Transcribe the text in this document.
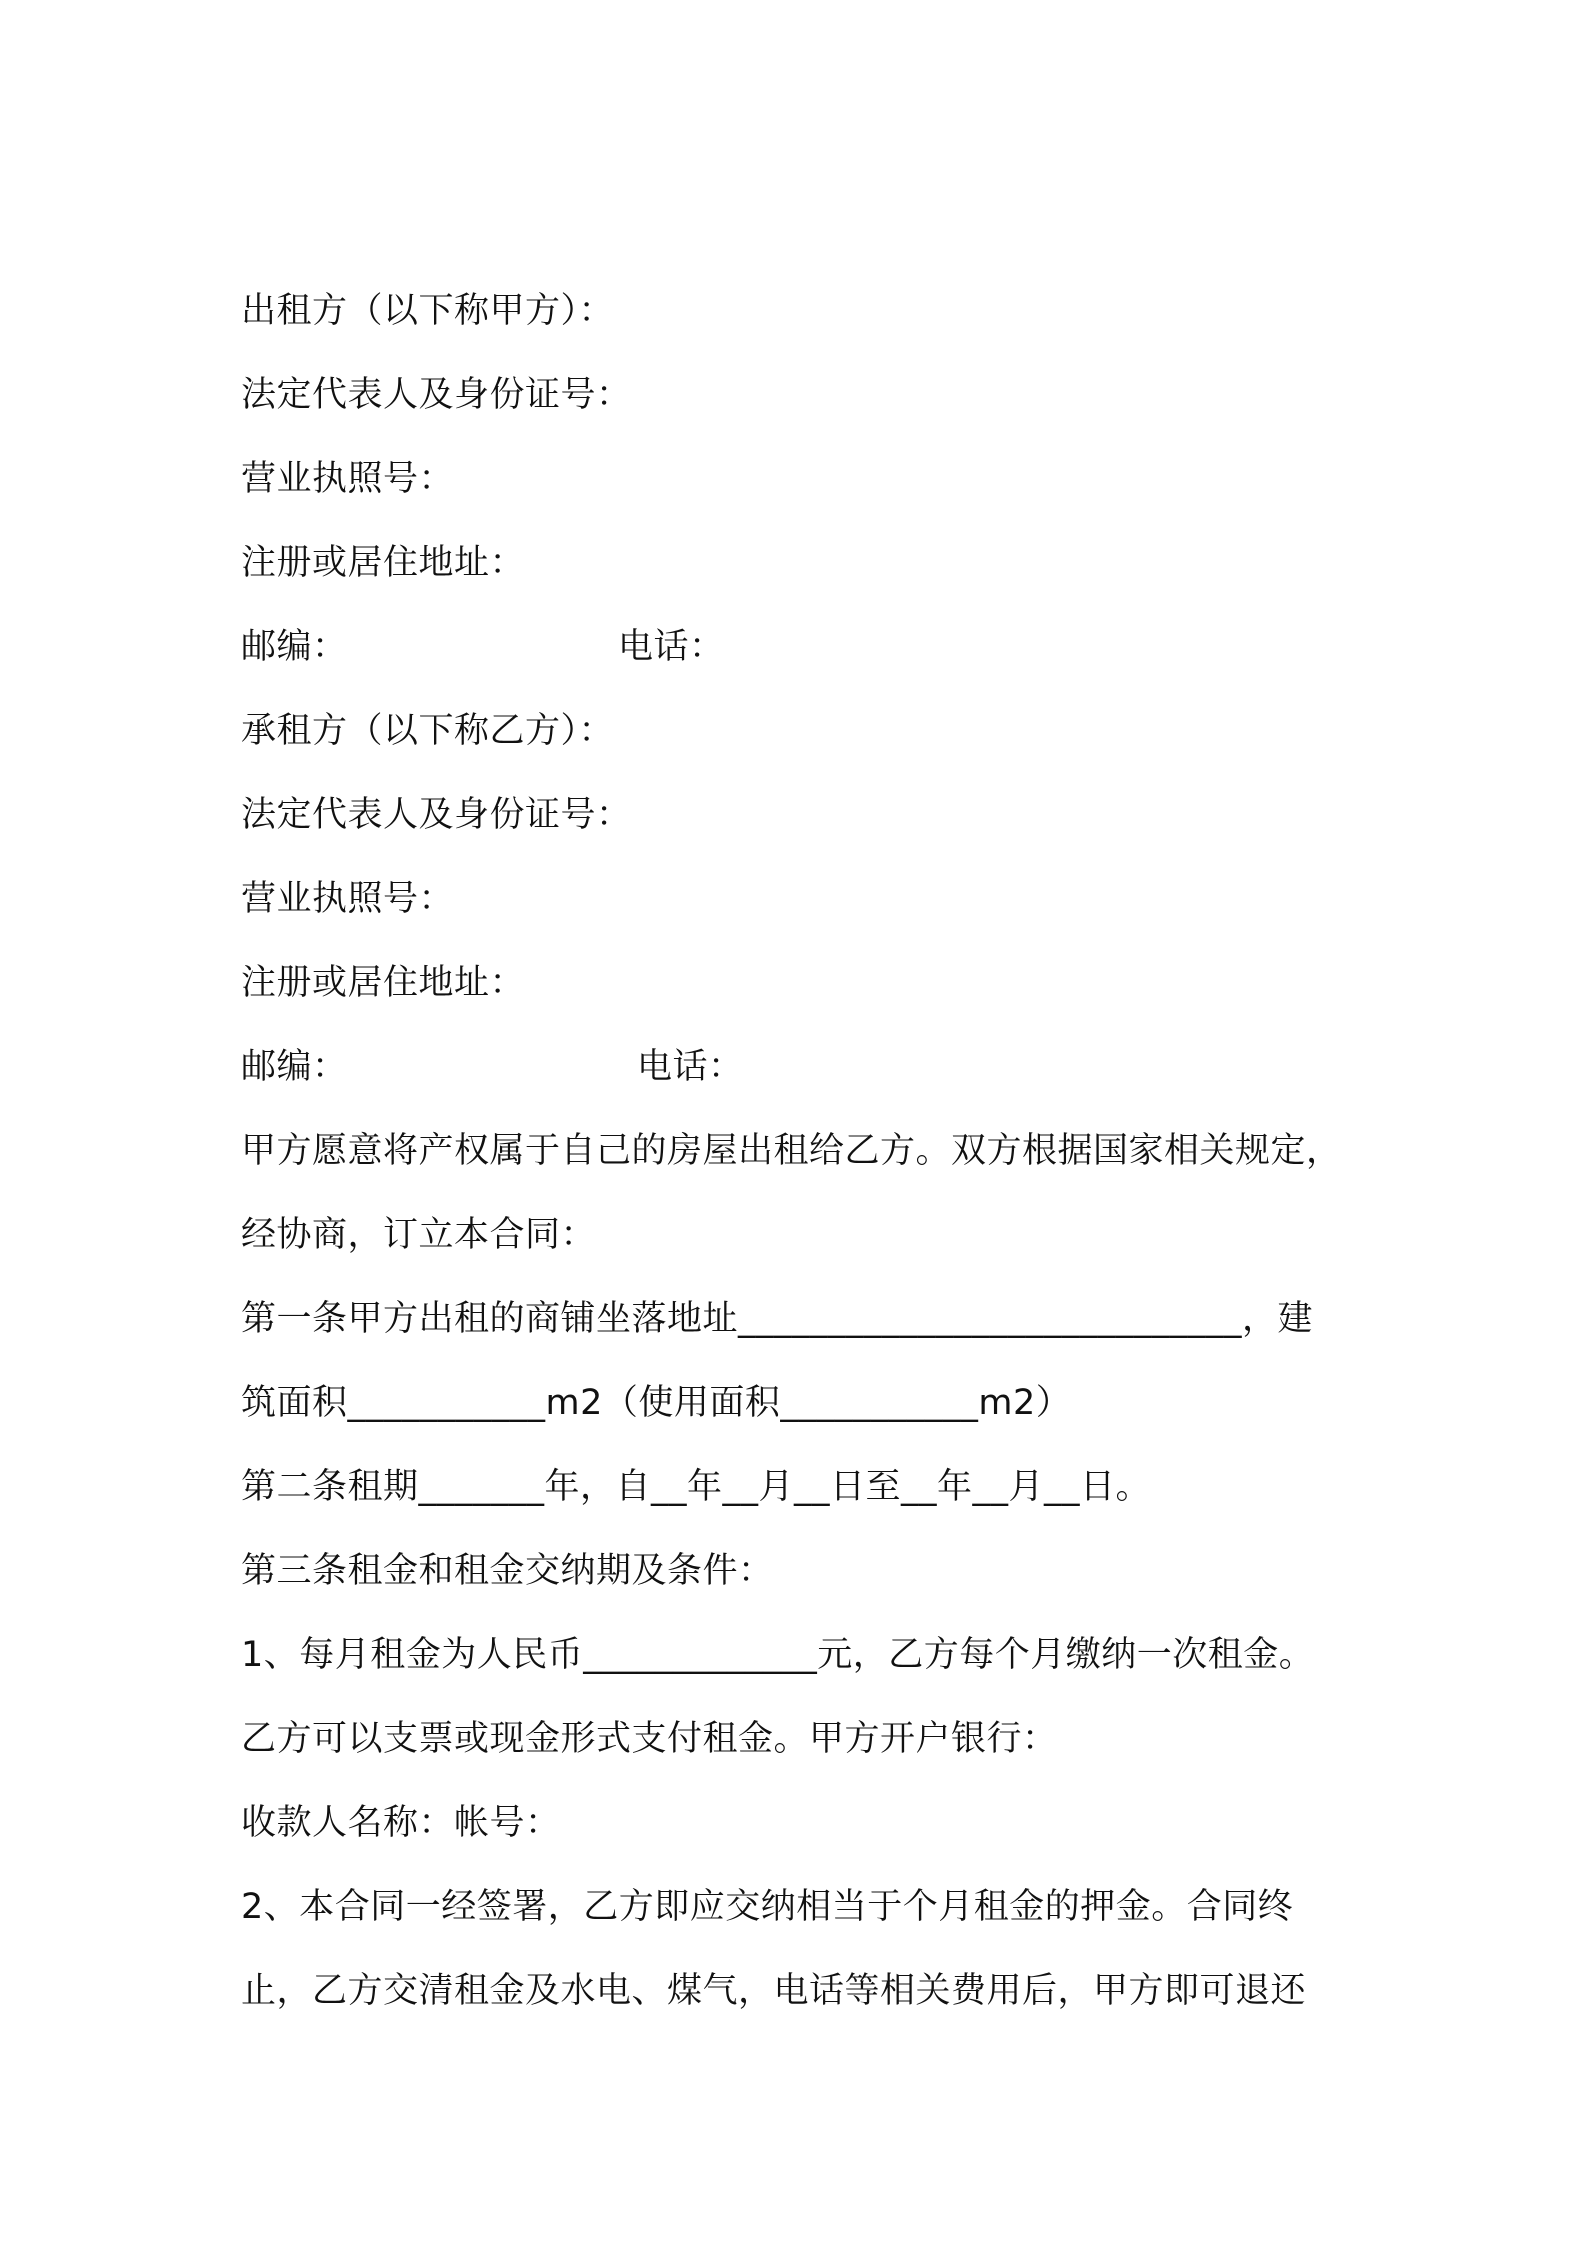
出租方（以下称甲方）：
法定代表人及身份证号：
营业执照号：
注册或居住地址：

邮编：

	电话：

承租方（以下称乙方）：
法定代表人及身份证号：
营业执照号：
注册或居住地址：

邮编：

	电话：

甲方愿意将产权属于自己的房屋出租给乙方。双方根据国家相关规定，
经协商，订立本合同：
第一条甲方出租的商铺坐落地址____________________________，建
筑面积___________m2（使用面积___________m2）
第二条租期_______年，自__年__月__日至__年__月__日。
第三条租金和租金交纳期及条件：
1、每月租金为人民币_____________元，乙方每个月缴纳一次租金。
乙方可以支票或现金形式支付租金。甲方开户银行：
收款人名称：帐号：
2、本合同一经签署，乙方即应交纳相当于个月租金的押金。合同终
止，乙方交清租金及水电、煤气，电话等相关费用后，甲方即可退还
